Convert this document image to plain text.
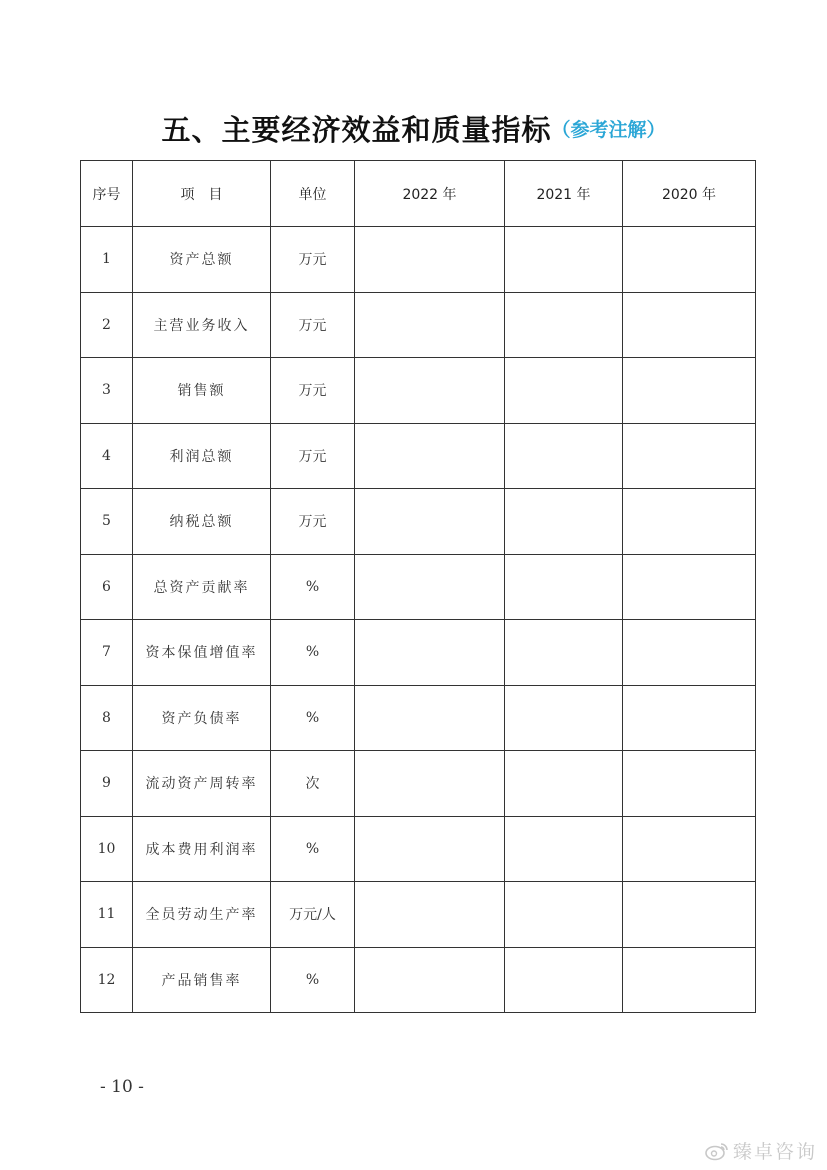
五、主要经济效益和质量指标（参考注解）
序号	项　目	单位	2022 年	2021 年	2020 年
1	资产总额	万元			
2	主营业务收入	万元			
3	销售额	万元			
4	利润总额	万元			
5	纳税总额	万元			
6	总资产贡献率	%			
7	资本保值增值率	%			
8	资产负债率	%			
9	流动资产周转率	次			
10	成本费用利润率	%			
11	全员劳动生产率	万元/人			
12	产品销售率	%			
- 10 -
臻卓咨询
